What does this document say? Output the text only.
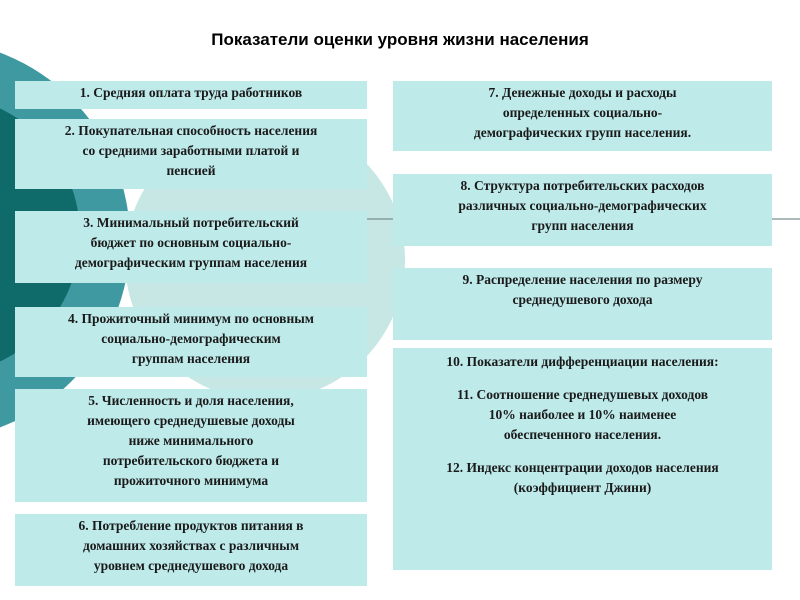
Показатели оценки уровня жизни населения
1. Средняя оплата труда работников
2. Покупательная способность населения
со средними заработными платой и
пенсией
3. Минимальный потребительский
бюджет по основным социально-
демографическим группам населения
4. Прожиточный минимум по основным
социально-демографическим
группам населения
5. Численность и доля населения,
имеющего среднедушевые доходы
ниже минимального
потребительского бюджета и
прожиточного минимума
6. Потребление продуктов питания в
домашних хозяйствах с различным
уровнем среднедушевого дохода
7. Денежные доходы и расходы
определенных социально-
демографических групп населения.
8. Структура потребительских расходов
различных социально-демографических
групп населения
9. Распределение населения по размеру
среднедушевого дохода
10. Показатели дифференциации населения:
11. Соотношение среднедушевых доходов
10% наиболее и 10% наименее
обеспеченного населения.
12. Индекс концентрации доходов населения
(коэффициент Джини)
